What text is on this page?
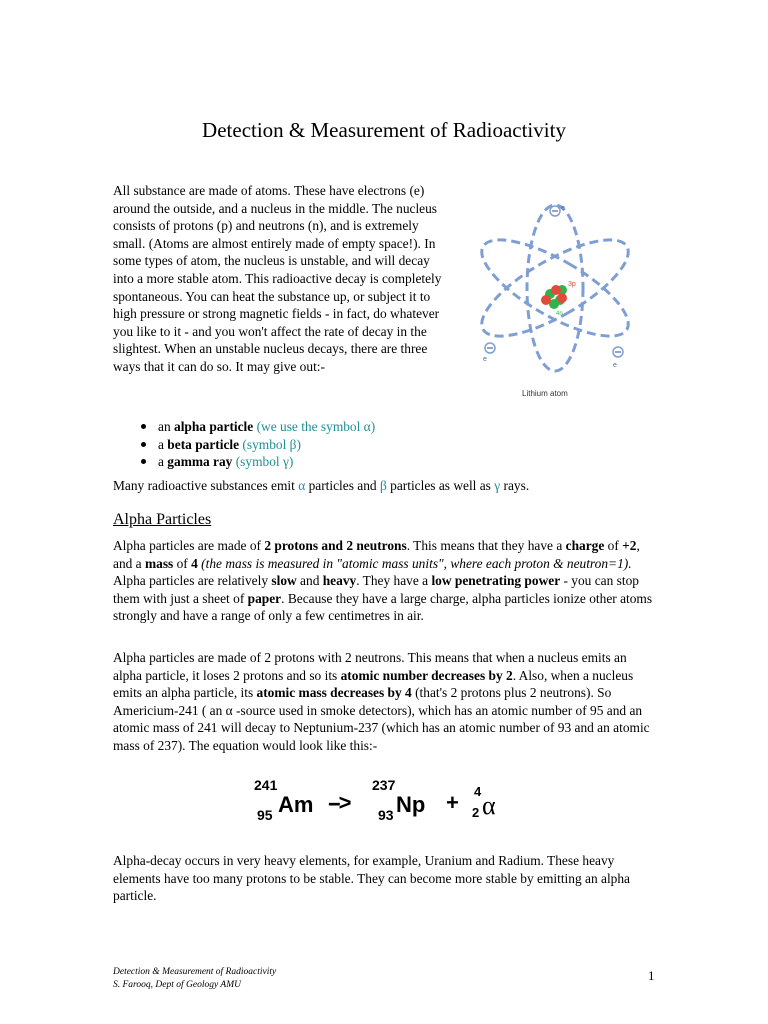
Detection & Measurement of Radioactivity

All substance are made of atoms. These have electrons (e) around the outside, and a nucleus in the middle. The nucleus consists of protons (p) and neutrons (n), and is extremely small. (Atoms are almost entirely made of empty space!). In some types of atom, the nucleus is unstable, and will decay into a more stable atom. This radioactive decay is completely spontaneous. You can heat the substance up, or subject it to high pressure or strong magnetic fields - in fact, do whatever you like to it - and you won't affect the rate of decay in the slightest. When an unstable nucleus decays, there are three ways that it can do so. It may give out:-

e
e
e
3p
4n
Lithium atom
an alpha particle (we use the symbol α)
a beta particle (symbol β)
a gamma ray (symbol γ)

Many radioactive substances emit α particles and β particles as well as γ rays.

Alpha Particles

Alpha particles are made of 2 protons and 2 neutrons. This means that they have a charge of +2, and a mass of 4 (the mass is measured in "atomic mass units", where each proton & neutron=1). Alpha particles are relatively slow and heavy. They have a low penetrating power - you can stop them with just a sheet of paper. Because they have a large charge, alpha particles ionize other atoms strongly and have a range of only a few centimetres in air.

Alpha particles are made of 2 protons with 2 neutrons. This means that when a nucleus emits an alpha particle, it loses 2 protons and so its atomic number decreases by 2. Also, when a nucleus emits an alpha particle, its atomic mass decreases by 4 (that's 2 protons plus 2 neutrons). So Americium-241 ( an α -source used in smoke detectors), which has an atomic number of 95 and an atomic mass of 241 will decay to Neptunium-237 (which has an atomic number of 93 and an atomic mass of 237). The equation would look like this:-

241
95 Am -->
237
93 Np + 4
2 α

Alpha-decay occurs in very heavy elements, for example, Uranium and Radium. These heavy elements have too many protons to be stable. They can become more stable by emitting an alpha particle.

Detection & Measurement of Radioactivity
S. Farooq, Dept of Geology AMU
1
